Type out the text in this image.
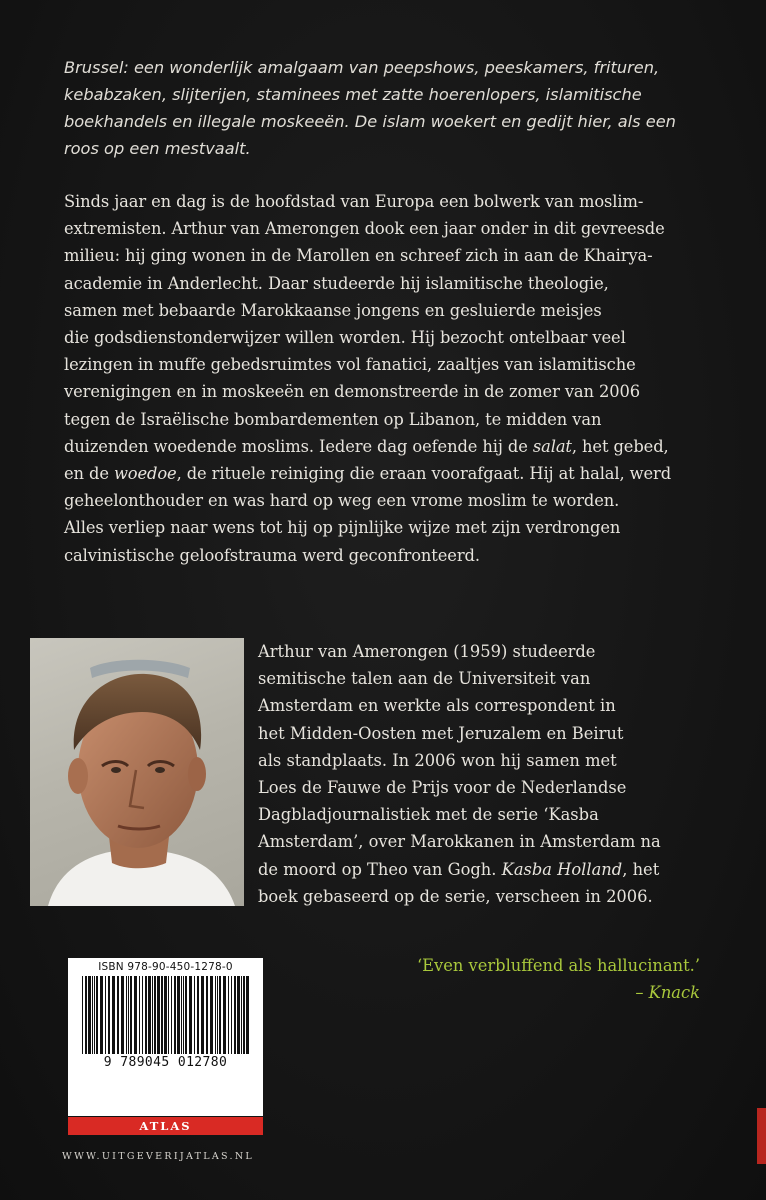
Brussel: een wonderlijk amalgaam van peepshows, peeskamers, frituren,
kebabzaken, slijterijen, staminees met zatte hoerenlopers, islamitische
boekhandels en illegale moskeeën. De islam woekert en gedijt hier, als een
roos op een mestvaalt.

Sinds jaar en dag is de hoofdstad van Europa een bolwerk van moslim-
extremisten. Arthur van Amerongen dook een jaar onder in dit gevreesde
milieu: hij ging wonen in de Marollen en schreef zich in aan de Khairya-
academie in Anderlecht. Daar studeerde hij islamitische theologie,
samen met bebaarde Marokkaanse jongens en gesluierde meisjes
die godsdienstonderwijzer willen worden. Hij bezocht ontelbaar veel
lezingen in muffe gebedsruimtes vol fanatici, zaaltjes van islamitische
verenigingen en in moskeeën en demonstreerde in de zomer van 2006
tegen de Israëlische bombardementen op Libanon, te midden van
duizenden woedende moslims. Iedere dag oefende hij de salat, het gebed,
en de woedoe, de rituele reiniging die eraan voorafgaat. Hij at halal, werd
geheelonthouder en was hard op weg een vrome moslim te worden.
Alles verliep naar wens tot hij op pijnlijke wijze met zijn verdrongen
calvinistische geloofstrauma werd geconfronteerd.

Arthur van Amerongen (1959) studeerde
semitische talen aan de Universiteit van
Amsterdam en werkte als correspondent in
het Midden-Oosten met Jeruzalem en Beirut
als standplaats. In 2006 won hij samen met
Loes de Fauwe de Prijs voor de Nederlandse
Dagbladjournalistiek met de serie ‘Kasba
Amsterdam’, over Marokkanen in Amsterdam na
de moord op Theo van Gogh. Kasba Holland, het
boek gebaseerd op de serie, verscheen in 2006.

‘Even verbluffend als hallucinant.’
– Knack

ISBN 978-90-450-1278-0
9 789045 012780
ATLAS
WWW.UITGEVERIJATLAS.NL
